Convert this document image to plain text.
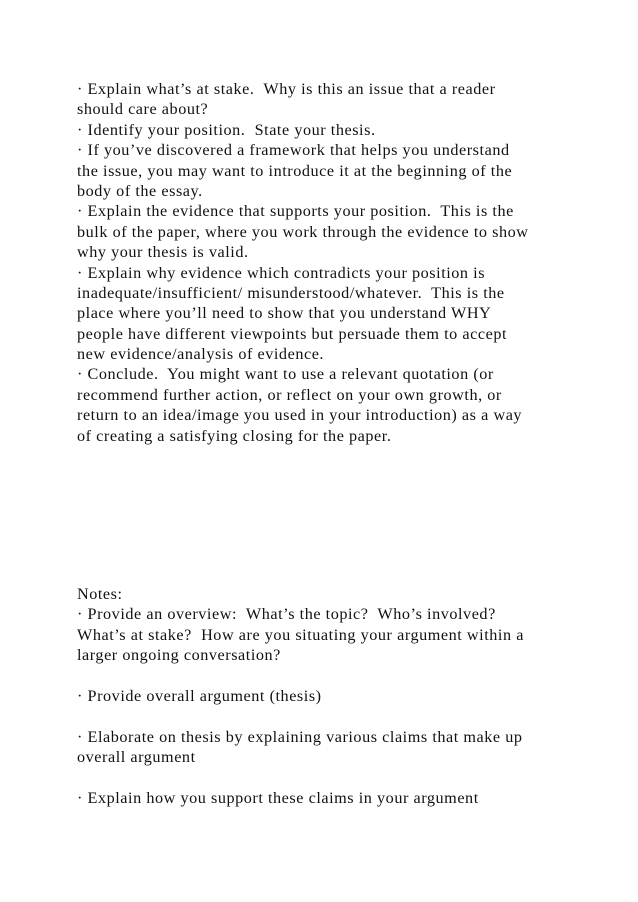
· Explain what’s at stake.  Why is this an issue that a reader
should care about?
· Identify your position.  State your thesis.
· If you’ve discovered a framework that helps you understand
the issue, you may want to introduce it at the beginning of the
body of the essay.
· Explain the evidence that supports your position.  This is the
bulk of the paper, where you work through the evidence to show
why your thesis is valid.
· Explain why evidence which contradicts your position is
inadequate/insufficient/ misunderstood/whatever.  This is the
place where you’ll need to show that you understand WHY
people have different viewpoints but persuade them to accept
new evidence/analysis of evidence.
· Conclude.  You might want to use a relevant quotation (or
recommend further action, or reflect on your own growth, or
return to an idea/image you used in your introduction) as a way
of creating a satisfying closing for the paper.
Notes:
· Provide an overview:  What’s the topic?  Who’s involved?
What’s at stake?  How are you situating your argument within a
larger ongoing conversation?
· Provide overall argument (thesis)
· Elaborate on thesis by explaining various claims that make up
overall argument
· Explain how you support these claims in your argument
